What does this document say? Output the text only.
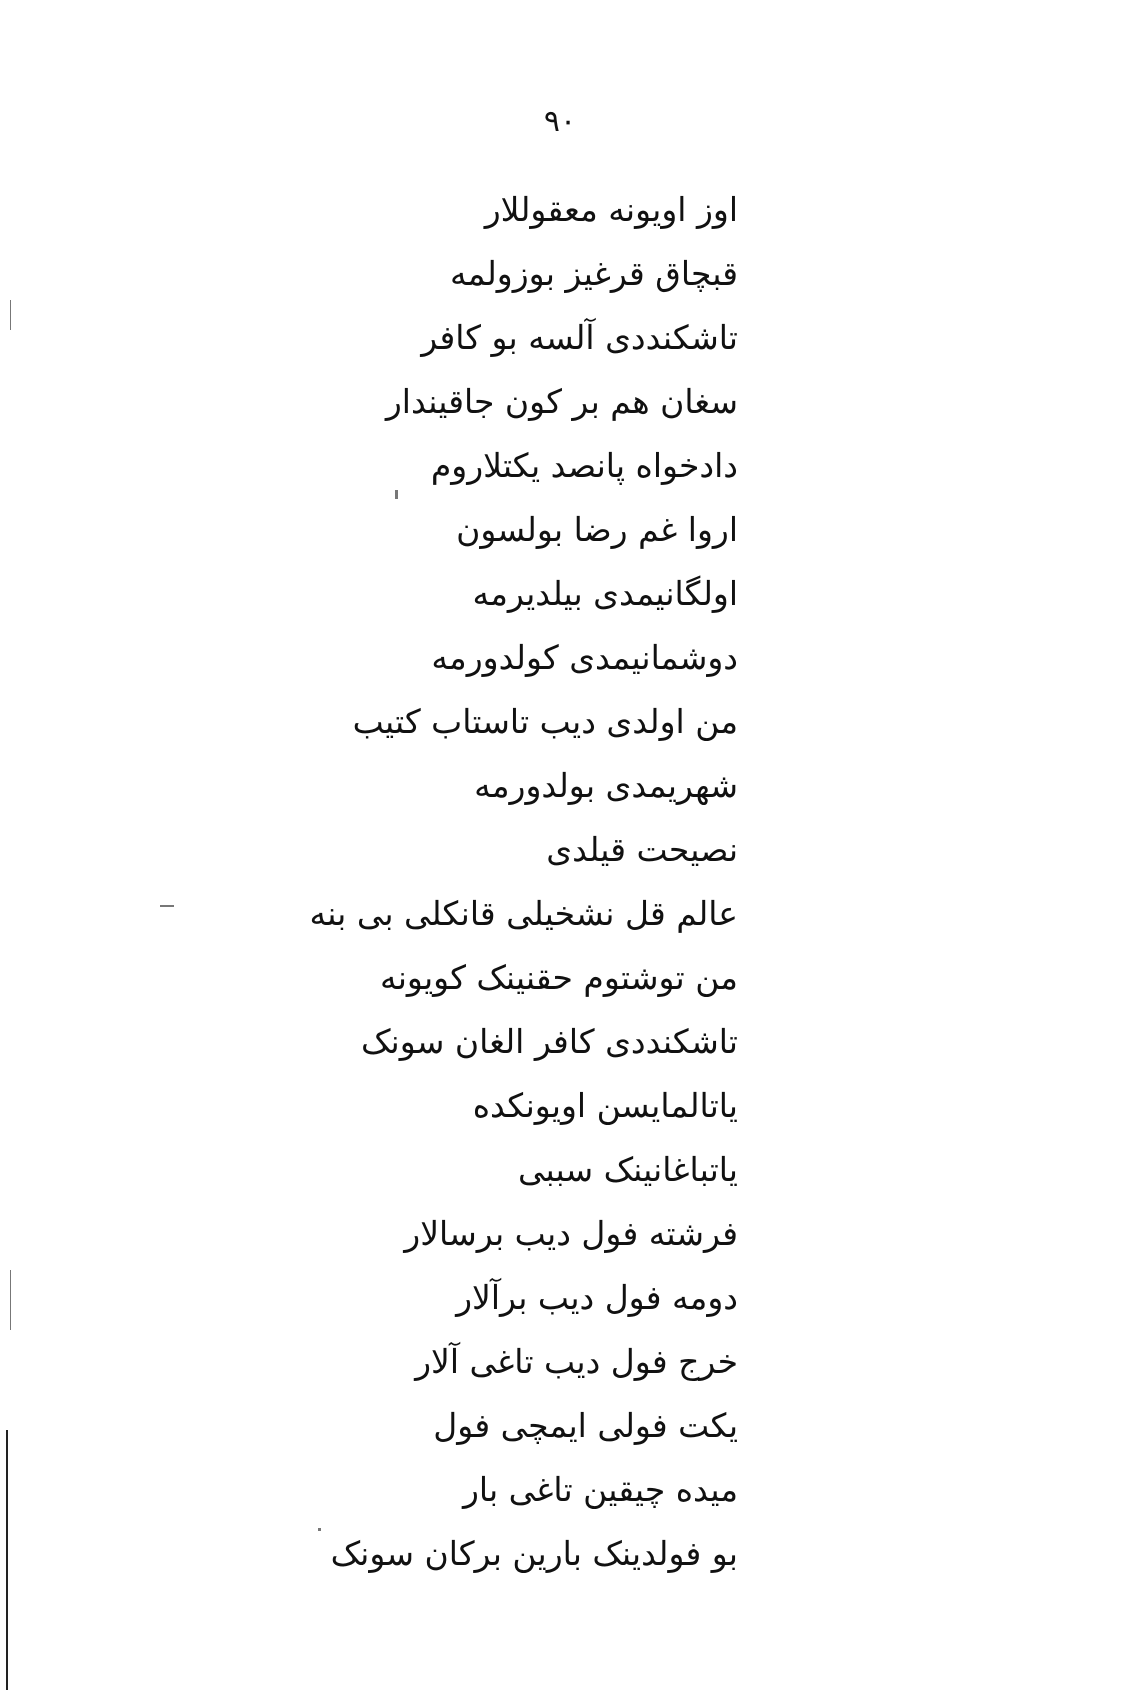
۹۰
اوز اویونه معقوللار
قبچاق قرغیز بوزولمه
تاشکنددی آلسه بو کافر
سغان هم بر کون جاقیندار
دادخواه پانصد یکتلاروم
اروا غم رضا بولسون
اولگانیمدی بیلدیرمه
دوشمانیمدی کولدورمه
من اولدی دیب تاستاب کتیب
شهریمدی بولدورمه
نصیحت قیلدی
عالم قل نشخیلی قانکلی بی بنه
من توشتوم حقنینک کویونه
تاشکنددی کافر الغان سونک
یاتالمایسن اویونکده
یاتباغانینک سببی
فرشته فول دیب برسالار
دومه فول دیب برآلار
خرج فول دیب تاغی آلار
یکت فولی ایمچی فول
میده چیقین تاغی بار
بو فولدینک بارین برکان سونک
